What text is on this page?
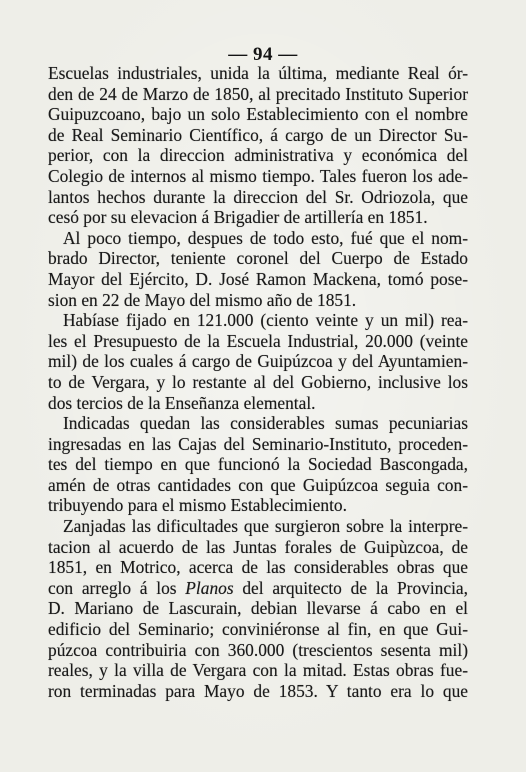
— 94 —
Escuelas industriales, unida la última, mediante Real ór-
den de 24 de Marzo de 1850, al precitado Instituto Superior
Guipuzcoano, bajo un solo Establecimiento con el nombre
de Real Seminario Científico, á cargo de un Director Su-
perior, con la direccion administrativa y económica del
Colegio de internos al mismo tiempo. Tales fueron los ade-
lantos hechos durante la direccion del Sr. Odriozola, que
cesó por su elevacion á Brigadier de artillería en 1851.
Al poco tiempo, despues de todo esto, fué que el nom-
brado Director, teniente coronel del Cuerpo de Estado
Mayor del Ejército, D. José Ramon Mackena, tomó pose-
sion en 22 de Mayo del mismo año de 1851.
Habíase fijado en 121.000 (ciento veinte y un mil) rea-
les el Presupuesto de la Escuela Industrial, 20.000 (veinte
mil) de los cuales á cargo de Guipúzcoa y del Ayuntamien-
to de Vergara, y lo restante al del Gobierno, inclusive los
dos tercios de la Enseñanza elemental.
Indicadas quedan las considerables sumas pecuniarias
ingresadas en las Cajas del Seminario-Instituto, proceden-
tes del tiempo en que funcionó la Sociedad Bascongada,
amén de otras cantidades con que Guipúzcoa seguia con-
tribuyendo para el mismo Establecimiento.
Zanjadas las dificultades que surgieron sobre la interpre-
tacion al acuerdo de las Juntas forales de Guipùzcoa, de
1851, en Motrico, acerca de las considerables obras que
con arreglo á los Planos del arquitecto de la Provincia,
D. Mariano de Lascurain, debian llevarse á cabo en el
edificio del Seminario; conviniéronse al fin, en que Gui-
púzcoa contribuiria con 360.000 (trescientos sesenta mil)
reales, y la villa de Vergara con la mitad. Estas obras fue-
ron terminadas para Mayo de 1853. Y tanto era lo que
